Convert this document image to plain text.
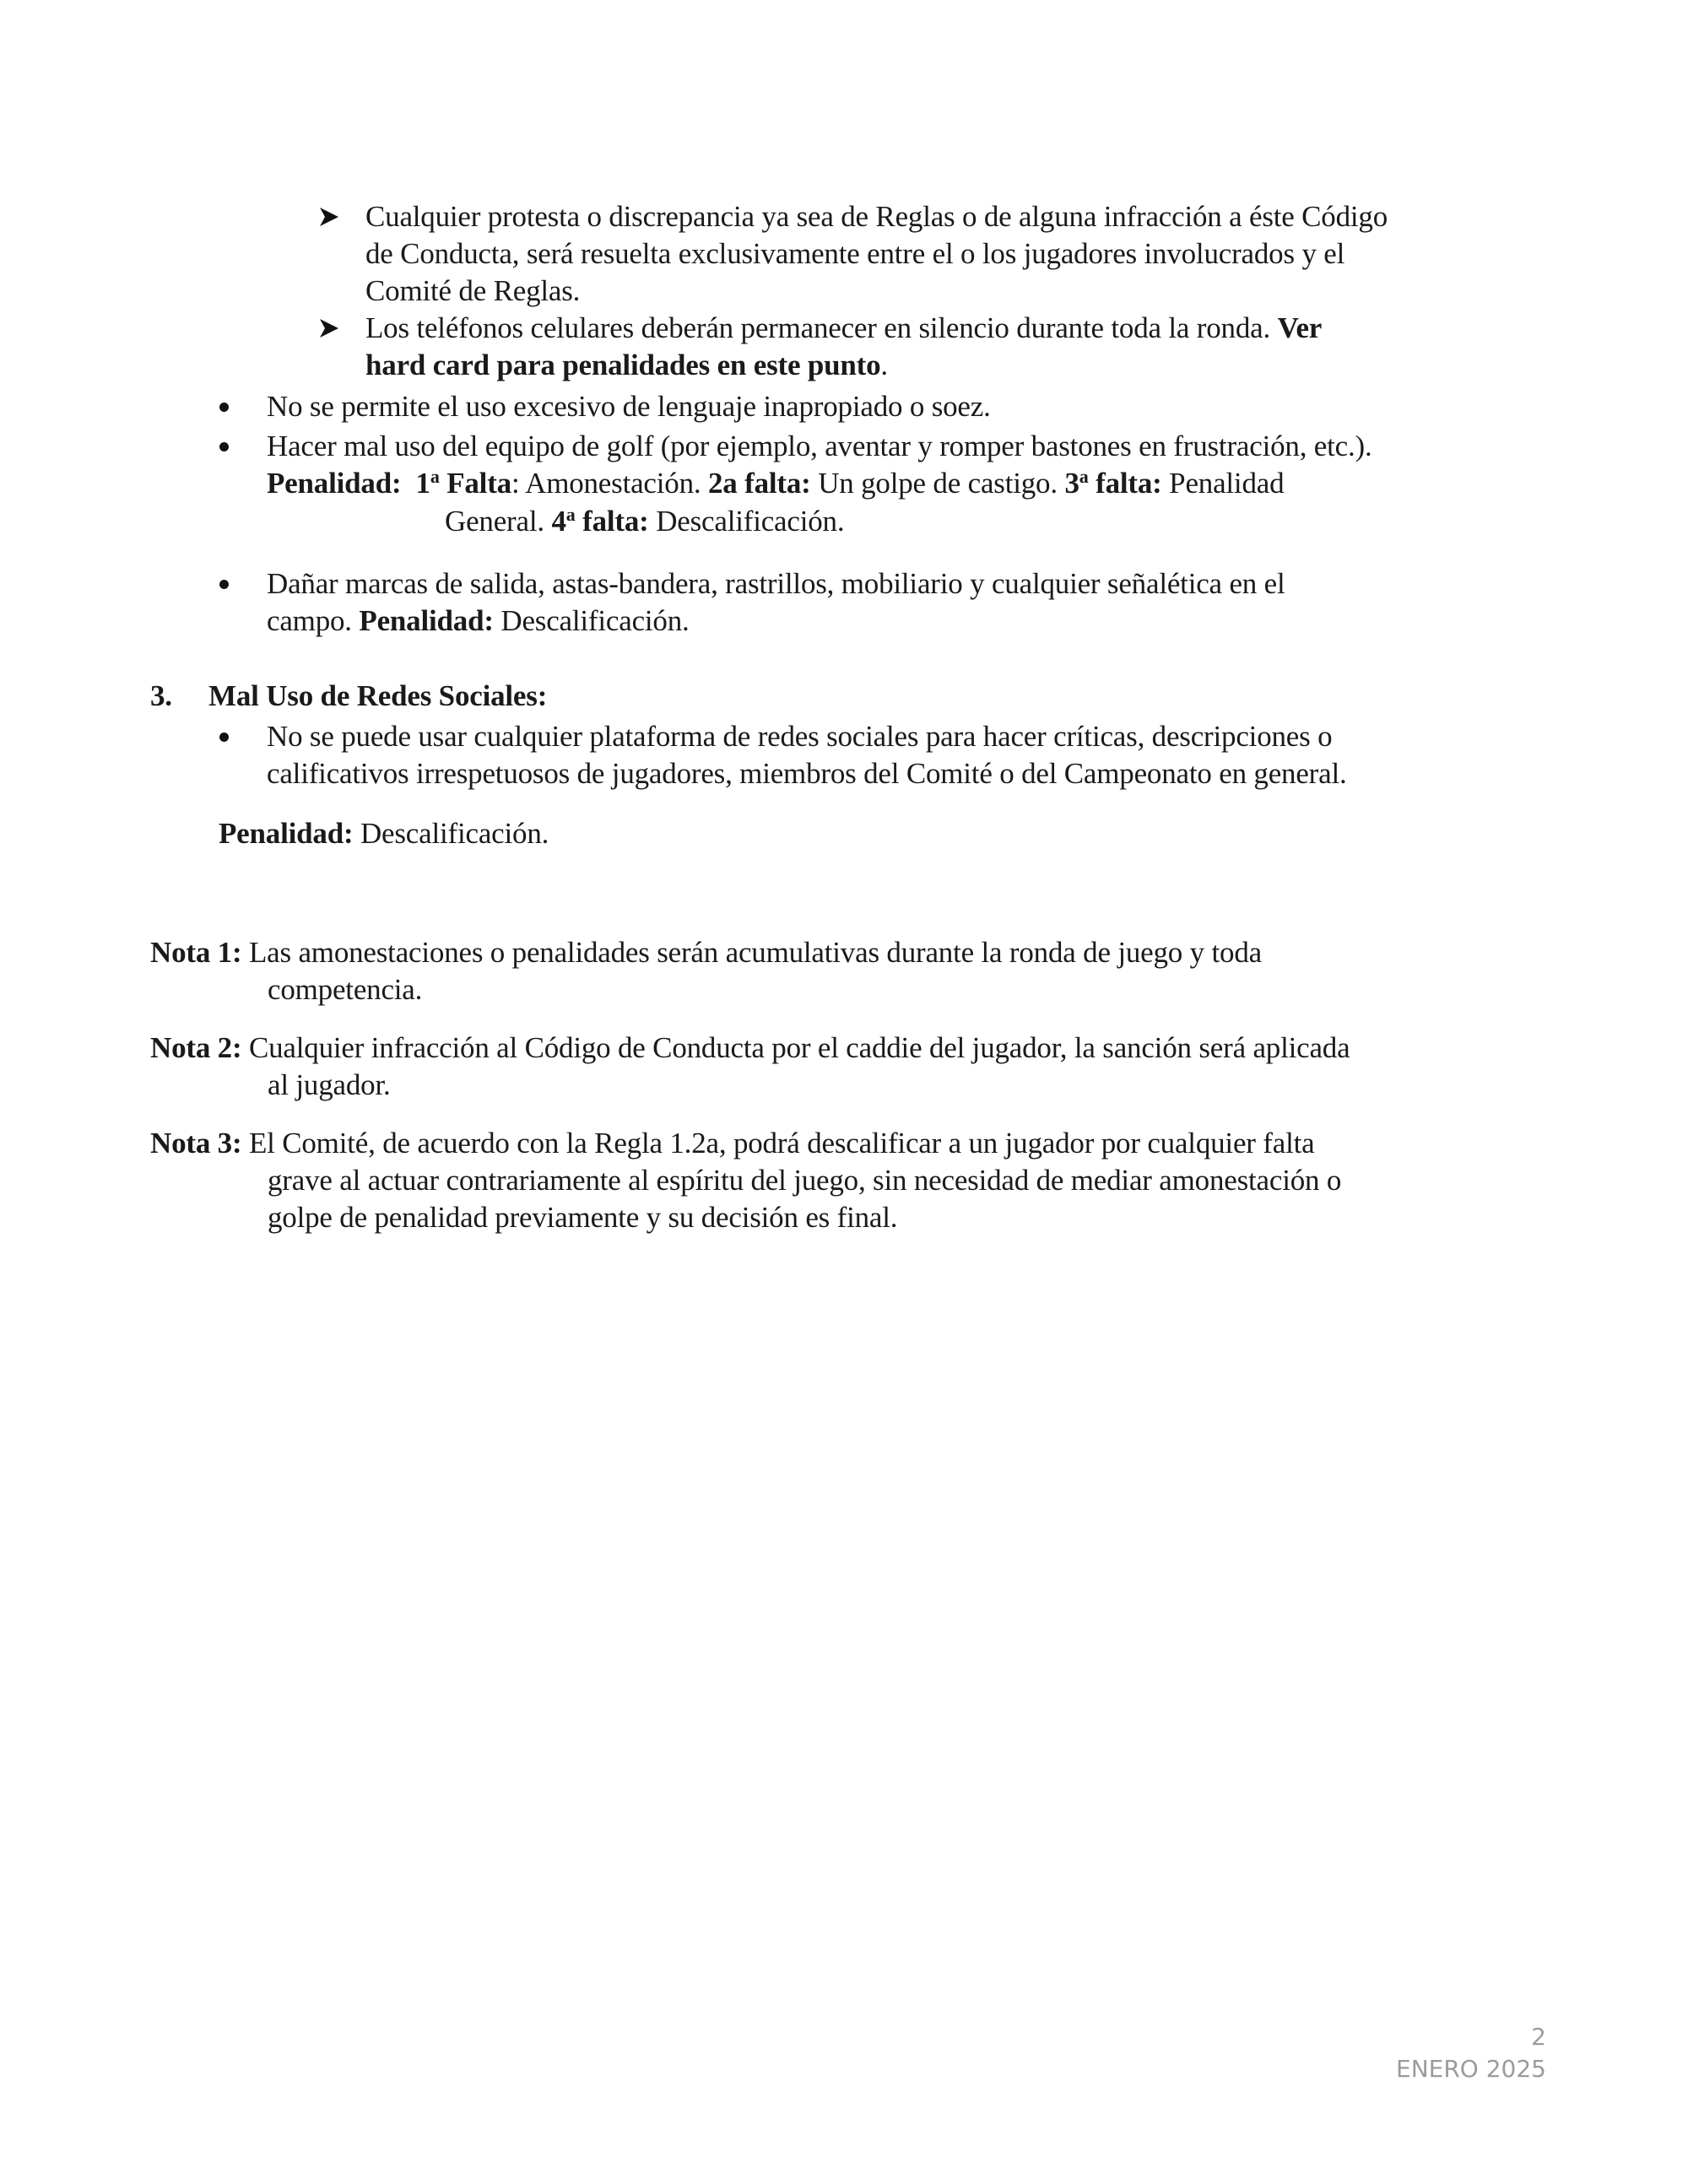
Cualquier protesta o discrepancia ya sea de Reglas o de alguna infracción a éste Código
de Conducta, será resuelta exclusivamente entre el o los jugadores involucrados y el
Comité de Reglas.
Los teléfonos celulares deberán permanecer en silencio durante toda la ronda. Ver
hard card para penalidades en este punto.
No se permite el uso excesivo de lenguaje inapropiado o soez.
Hacer mal uso del equipo de golf (por ejemplo, aventar y romper bastones en frustración, etc.).
Penalidad: 1$^a$ Falta: Amonestación. 2a falta: Un golpe de castigo. 3$^a$ falta: Penalidad
General. 4$^a$ falta: Descalificación.
Dañar marcas de salida, astas-bandera, rastrillos, mobiliario y cualquier señalética en el
campo. Penalidad: Descalificación.
3. Mal Uso de Redes Sociales:
No se puede usar cualquier plataforma de redes sociales para hacer críticas, descripciones o
calificativos irrespetuosos de jugadores, miembros del Comité o del Campeonato en general.
Penalidad: Descalificación.
Nota 1: Las amonestaciones o penalidades serán acumulativas durante la ronda de juego y toda
competencia.
Nota 2: Cualquier infracción al Código de Conducta por el caddie del jugador, la sanción será aplicada
al jugador.
Nota 3: El Comité, de acuerdo con la Regla 1.2a, podrá descalificar a un jugador por cualquier falta
grave al actuar contrariamente al espíritu del juego, sin necesidad de mediar amonestación o
golpe de penalidad previamente y su decisión es final.
2
ENERO 2025
